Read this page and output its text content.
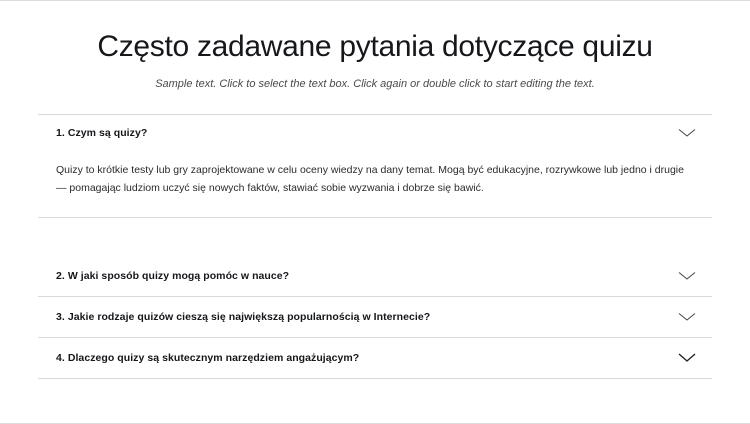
Często zadawane pytania dotyczące quizu

Sample text. Click to select the text box. Click again or double click to start editing the text.

1. Czym są quizy?

Quizy to krótkie testy lub gry zaprojektowane w celu oceny wiedzy na dany temat. Mogą być edukacyjne, rozrywkowe lub jedno i drugie — pomagając ludziom uczyć się nowych faktów, stawiać sobie wyzwania i dobrze się bawić.

2. W jaki sposób quizy mogą pomóc w nauce?
3. Jakie rodzaje quizów cieszą się największą popularnością w Internecie?
4. Dlaczego quizy są skutecznym narzędziem angażującym?
